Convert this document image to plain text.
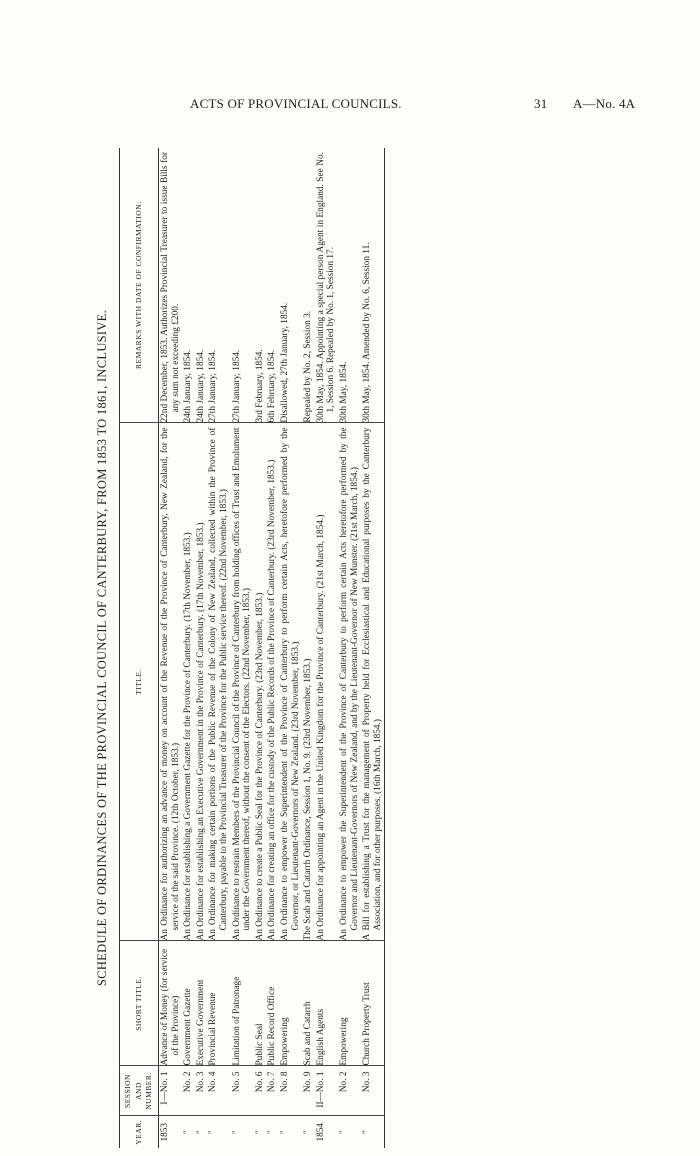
ACTS OF PROVINCIAL COUNCILS.	31 A—No. 4A
SCHEDULE OF ORDINANCES OF THE PROVINCIAL COUNCIL OF CANTERBURY, FROM 1853 TO 1861, INCLUSIVE.
YEAR.	SESSION AND NUMBER.	SHORT TITLE.	TITLE.	REMARKS WITH DATE OF CONFIRMATION.
1853	I—No. 1	Advance of Money (for service of the Province)	An Ordinance for authorizing an advance of money on account of the Revenue of the Province of Canterbury, New Zealand, for the service of the said Province. (12th October, 1853.)	22nd December, 1853. Authorizes Provincial Treasurer to issue Bills for any sum not exceeding £200.
"	No. 2	Government Gazette	An Ordinance for establishing a Government Gazette for the Province of Canterbury. (17th November, 1853.)	24th January, 1854.
"	No. 3	Executive Government	An Ordinance for establishing an Executive Government in the Province of Canterbury. (17th November, 1853.)	24th January, 1854.
"	No. 4	Provincial Revenue	An Ordinance for making certain portions of the Public Revenue of the Colony of New Zealand, collected within the Province of Canterbury, payable to the Provincial Treasurer of the Province for the Public service thereof. (22nd November, 1853.)	27th January, 1854.
"	No. 5	Limitation of Patronage	An Ordinance to restrain Members of the Provincial Council of the Province of Canterbury from holding offices of Trust and Emolument under the Government thereof, without the consent of the Electors. (22nd November, 1853.)	27th January, 1854.
"	No. 6	Public Seal	An Ordinance to create a Public Seal for the Province of Canterbury. (23rd November, 1853.)	3rd February, 1854.
"	No. 7	Public Record Office	An Ordinance for creating an office for the custody of the Public Records of the Province of Canterbury. (23rd November, 1853.)	6th February, 1854.
"	No. 8	Empowering	An Ordinance to empower the Superintendent of the Province of Canterbury to perform certain Acts, heretofore performed by the Governor, or Lieutenant-Governors of New Zealand. (23rd November, 1853.)	Disallowed, 27th January, 1854.
"	No. 9	Scab and Catarrh	The Scab and Catarrh Ordinance, Session 1, No. 9. (23rd November, 1853.)	Repealed by No. 2, Session 3.
1854	II—No. 1	English Agents	An Ordinance for appointing an Agent in the United Kingdom for the Province of Canterbury. (21st March, 1854.)	30th May, 1854. Appointing a special person Agent in England. See No. 1, Session 6. Repealed by No. 1, Session 17.
"	No. 2	Empowering	An Ordinance to empower the Superintendent of the Province of Canterbury to perform certain Acts heretofore performed by the Governor and Lieutenant-Governors of New Zealand, and by the Lieutenant-Governor of New Munster. (21st March, 1854.)	30th May, 1854.
"	No. 3	Church Property Trust	A Bill for establishing a Trust for the management of Property held for Ecclesiastical and Educational purposes by the Canterbury Association, and for other purposes. (16th March, 1854.)	30th May, 1854. Amended by No. 6, Session 11.
